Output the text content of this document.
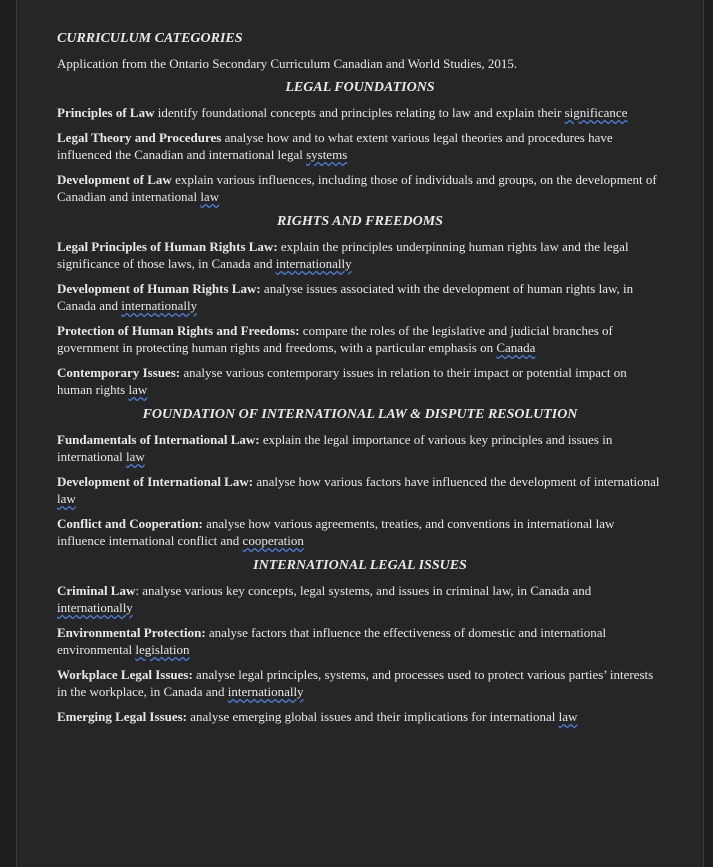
CURRICULUM CATEGORIES
Application from the Ontario Secondary Curriculum Canadian and World Studies, 2015.
LEGAL FOUNDATIONS
Principles of Law identify foundational concepts and principles relating to law and explain their significance
Legal Theory and Procedures analyse how and to what extent various legal theories and procedures have influenced the Canadian and international legal systems
Development of Law explain various influences, including those of individuals and groups, on the development of Canadian and international law
RIGHTS AND FREEDOMS
Legal Principles of Human Rights Law: explain the principles underpinning human rights law and the legal significance of those laws, in Canada and internationally
Development of Human Rights Law: analyse issues associated with the development of human rights law, in Canada and internationally
Protection of Human Rights and Freedoms: compare the roles of the legislative and judicial branches of government in protecting human rights and freedoms, with a particular emphasis on Canada
Contemporary Issues: analyse various contemporary issues in relation to their impact or potential impact on human rights law
FOUNDATION OF INTERNATIONAL LAW & DISPUTE RESOLUTION
Fundamentals of International Law: explain the legal importance of various key principles and issues in international law
Development of International Law: analyse how various factors have influenced the development of international law
Conflict and Cooperation: analyse how various agreements, treaties, and conventions in international law influence international conflict and cooperation
INTERNATIONAL LEGAL ISSUES
Criminal Law: analyse various key concepts, legal systems, and issues in criminal law, in Canada and internationally
Environmental Protection: analyse factors that influence the effectiveness of domestic and international environmental legislation
Workplace Legal Issues: analyse legal principles, systems, and processes used to protect various parties’ interests in the workplace, in Canada and internationally
Emerging Legal Issues: analyse emerging global issues and their implications for international law
